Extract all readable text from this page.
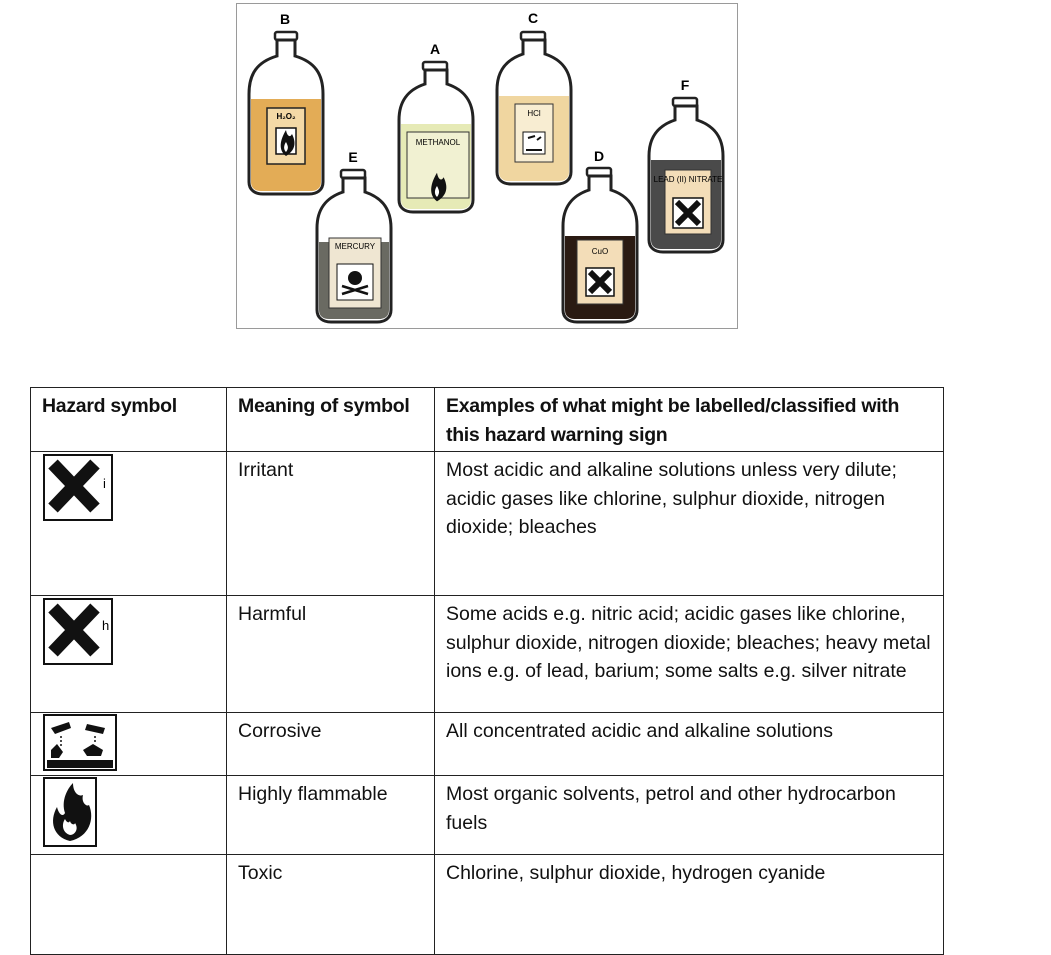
B
H₂O₂
A
METHANOL
C
HCl
E
MERCURY
D
CuO
F
LEAD (II) NITRATE
Hazard symbol	Meaning of symbol	Examples of what might be labelled/classified with this hazard warning sign

i	Irritant	Most acidic and alkaline solutions unless very dilute; acidic gases like chlorine, sulphur dioxide, nitrogen dioxide; bleaches

h	Harmful	Some acids e.g. nitric acid; acidic gases like chlorine, sulphur dioxide, nitrogen dioxide; bleaches; heavy metal ions e.g. of lead, barium; some salts e.g. silver nitrate

	Corrosive	All concentrated acidic and alkaline solutions

	Highly flammable	Most organic solvents, petrol and other hydrocarbon fuels
	Toxic	Chlorine, sulphur dioxide, hydrogen cyanide
